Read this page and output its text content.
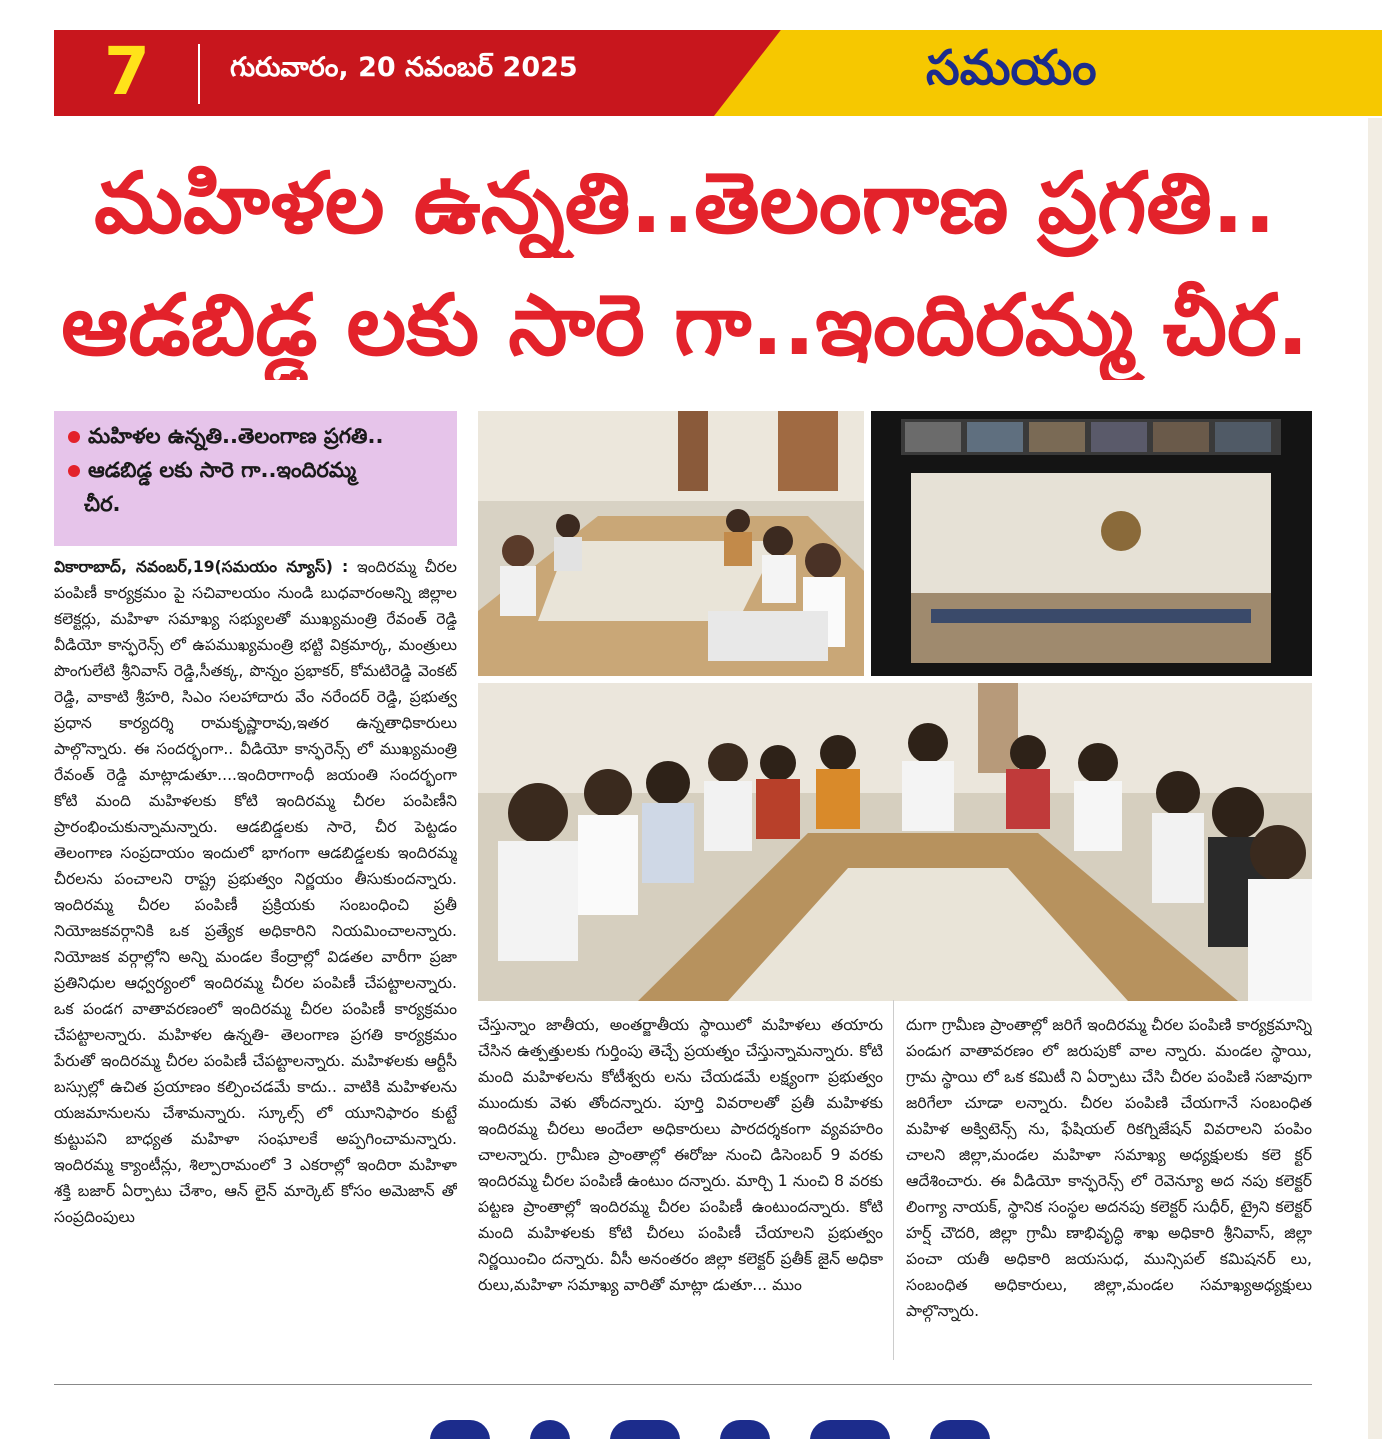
7	గురువారం, 20 నవంబర్ 2025	సమయం
మహిళల ఉన్నతి..తెలంగాణ ప్రగతి..
ఆడబిడ్డ లకు సారె గా..ఇందిరమ్మ చీర.
మహిళల ఉన్నతి..తెలంగాణ ప్రగతి..
ఆడబిడ్డ లకు సారె గా..ఇందిరమ్మ
చీర.

వికారాబాద్, నవంబర్,19(సమయం న్యూస్) : ఇందిరమ్మ చీరల పంపిణీ కార్యక్రమం పై సచివాలయం నుండి బుధవారంఅన్ని జిల్లాల కలెక్టర్లు, మహిళా సమాఖ్య సభ్యులతో ముఖ్యమంత్రి రేవంత్ రెడ్డి వీడియో కాన్ఫరెన్స్ లో ఉపముఖ్యమంత్రి భట్టి విక్రమార్క, మంత్రులు పొంగులేటి శ్రీనివాస్ రెడ్డి,సీతక్క, పొన్నం ప్రభాకర్, కోమటిరెడ్డి వెంకట్ రెడ్డి, వాకాటి శ్రీహరి, సిఎం సలహాదారు వేం నరేందర్ రెడ్డి, ప్రభుత్వ ప్రధాన కార్యదర్శి రామకృష్ణారావు,ఇతర ఉన్నతాధికారులు పాల్గొన్నారు. ఈ సందర్భంగా.. వీడియో కాన్ఫరెన్స్ లో ముఖ్యమంత్రి రేవంత్ రెడ్డి మాట్లాడుతూ....ఇందిరాగాంధీ జయంతి సందర్భంగా కోటి మంది మహిళలకు కోటి ఇందిరమ్మ చీరల పంపిణీని ప్రారంభించుకున్నామన్నారు. ఆడబిడ్డలకు సారె, చీర పెట్టడం తెలంగాణ సంప్రదాయం ఇందులో భాగంగా ఆడబిడ్డలకు ఇందిరమ్మ చీరలను పంచాలని రాష్ట్ర ప్రభుత్వం నిర్ణయం తీసుకుందన్నారు. ఇందిరమ్మ చీరల పంపిణీ ప్రక్రియకు సంబంధించి ప్రతీ నియోజకవర్గానికి ఒక ప్రత్యేక అధికారిని నియమించాలన్నారు. నియోజక వర్గాల్లోని అన్ని మండల కేంద్రాల్లో విడతల వారీగా ప్రజా ప్రతినిధుల ఆధ్వర్యంలో ఇందిరమ్మ చీరల పంపిణీ చేపట్టాలన్నారు. ఒక పండగ వాతావరణంలో ఇందిరమ్మ చీరల పంపిణీ కార్యక్రమం చేపట్టాలన్నారు. మహిళల ఉన్నతి- తెలంగాణ ప్రగతి కార్యక్రమం పేరుతో ఇందిరమ్మ చీరల పంపిణీ చేపట్టాలన్నారు. మహిళలకు ఆర్టీసీ బస్సుల్లో ఉచిత ప్రయాణం కల్పించడమే కాదు.. వాటికి మహిళలను యజమానులను చేశామన్నారు. స్కూల్స్ లో యూనిఫారం కుట్టే కుట్టుపని బాధ్యత మహిళా సంఘాలకే అప్పగించామన్నారు. ఇందిరమ్మ క్యాంటీన్లు, శిల్పారామంలో 3 ఎకరాల్లో ఇందిరా మహిళా శక్తి బజార్ ఏర్పాటు చేశాం, ఆన్ లైన్ మార్కెట్ కోసం అమెజాన్ తో సంప్రదింపులు

చేస్తున్నాం జాతీయ, అంతర్జాతీయ స్థాయిలో మహిళలు తయారు చేసిన ఉత్పత్తులకు గుర్తింపు తెచ్చే ప్రయత్నం చేస్తున్నామన్నారు. కోటి మంది మహిళలను కోటీశ్వరు లను చేయడమే లక్ష్యంగా ప్రభుత్వం ముందుకు వెళు తోందన్నారు. పూర్తి వివరాలతో ప్రతీ మహిళకు ఇందిరమ్మ చీరలు అందేలా అధికారులు పారదర్శకంగా వ్యవహరిం చాలన్నారు. గ్రామీణ ప్రాంతాల్లో ఈరోజు నుంచి డిసెంబర్ 9 వరకు ఇందిరమ్మ చీరల పంపిణీ ఉంటుం దన్నారు. మార్చి 1 నుంచి 8 వరకు పట్టణ ప్రాంతాల్లో ఇందిరమ్మ చీరల పంపిణీ ఉంటుందన్నారు. కోటి మంది మహిళలకు కోటి చీరలు పంపిణీ చేయాలని ప్రభుత్వం నిర్ణయించిం దన్నారు. వీసీ అనంతరం జిల్లా కలెక్టర్ ప్రతీక్ జైన్ అధికా రులు,మహిళా సమాఖ్య వారితో మాట్లా డుతూ... ముం

దుగా గ్రామీణ ప్రాంతాల్లో జరిగే ఇందిరమ్మ చీరల పంపిణి కార్యక్రమాన్ని పండుగ వాతావరణం లో జరుపుకో వాల న్నారు. మండల స్థాయి, గ్రామ స్థాయి లో ఒక కమిటీ ని ఏర్పాటు చేసి చీరల పంపిణి సజావుగా జరిగేలా చూడా లన్నారు. చీరల పంపిణి చేయగానే సంబంధిత మహిళ అక్విటెన్స్ ను, ఫేషియల్ రికగ్నిజేషన్ వివరాలని పంపిం చాలని జిల్లా,మండల మహిళా సమాఖ్య అధ్యక్షులకు కలె క్టర్ ఆదేశించారు. ఈ వీడియో కాన్ఫరెన్స్ లో రెవెన్యూ అద నపు కలెక్టర్ లింగ్యా నాయక్, స్థానిక సంస్థల అదనపు కలెక్టర్ సుధీర్, ట్రైని కలెక్టర్ హర్ష్ చౌదరి, జిల్లా గ్రామీ ణాభివృద్ధి శాఖ అధికారి శ్రీనివాస్, జిల్లా పంచా యతీ అధికారి జయసుధ, మున్సిపల్ కమిషనర్ లు, సంబంధిత అధికారులు, జిల్లా,మండల సమాఖ్యఅధ్యక్షులు పాల్గొన్నారు.
